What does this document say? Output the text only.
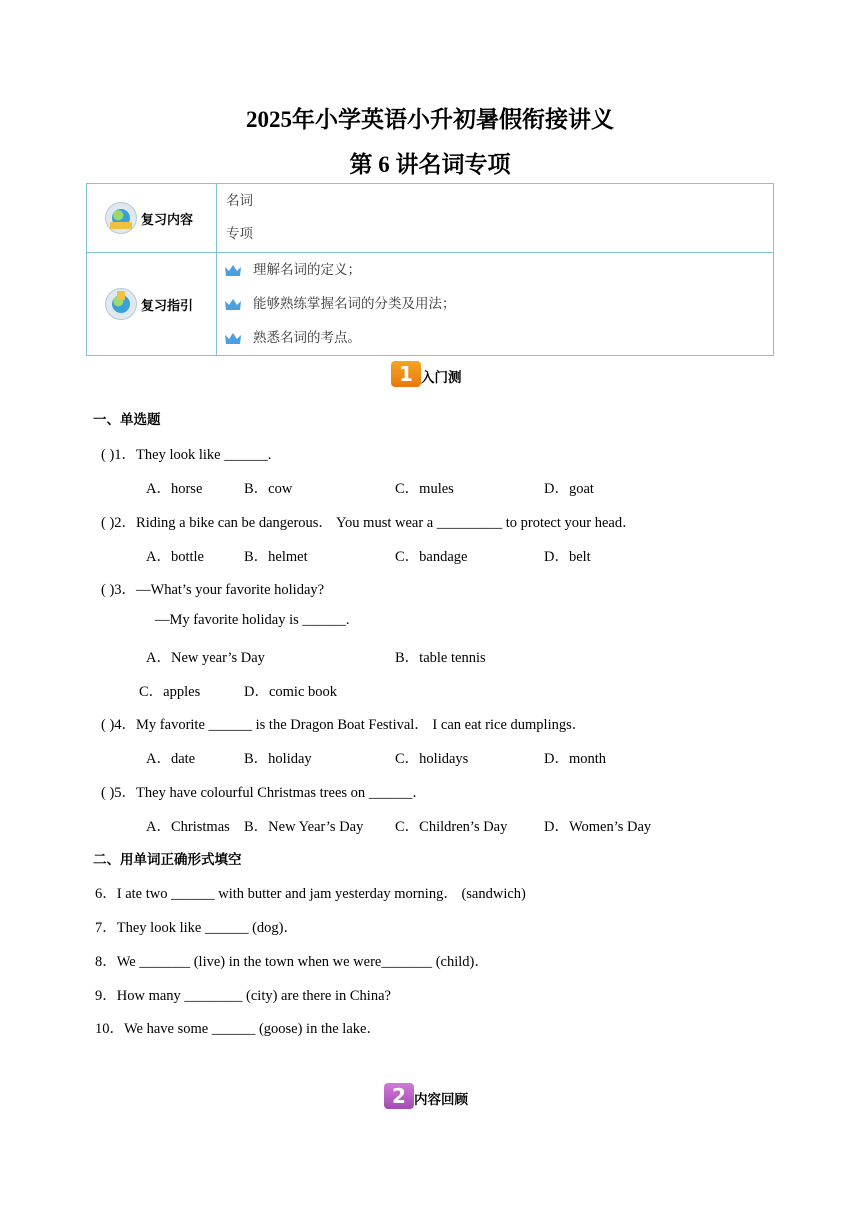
2025年小学英语小升初暑假衔接讲义
第 6 讲名词专项
复习内容	名词
专项

复习指引	理解名词的定义；
能够熟练掌握名词的分类及用法；
熟悉名词的考点。
1 入门测
一、单选题
( )1．They look like ______.
A．horse	B．cow	C．mules	D．goat
( )2．Riding a bike can be dangerous． You must wear a _________ to protect your head．
A．bottle	B．helmet	C．bandage	D．belt
( )3．—What’s your favorite holiday?
—My favorite holiday is ______.
A．New year’s Day	B．table tennis
C．apples	D．comic book
( )4．My favorite ______ is the Dragon Boat Festival． I can eat rice dumplings．
A．date	B．holiday	C．holidays	D．month
( )5．They have colourful Christmas trees on ______．
A．Christmas B．New Year’s Day C．Children’s Day	D．Women’s Day
二、用单词正确形式填空
6．I ate two ______ with butter and jam yesterday morning． (sandwich)
7．They look like ______ (dog)．
8．We _______ (live) in the town when we were_______ (child)．
9．How many ________ (city) are there in China?
10．We have some ______ (goose) in the lake．
2 内容回顾
